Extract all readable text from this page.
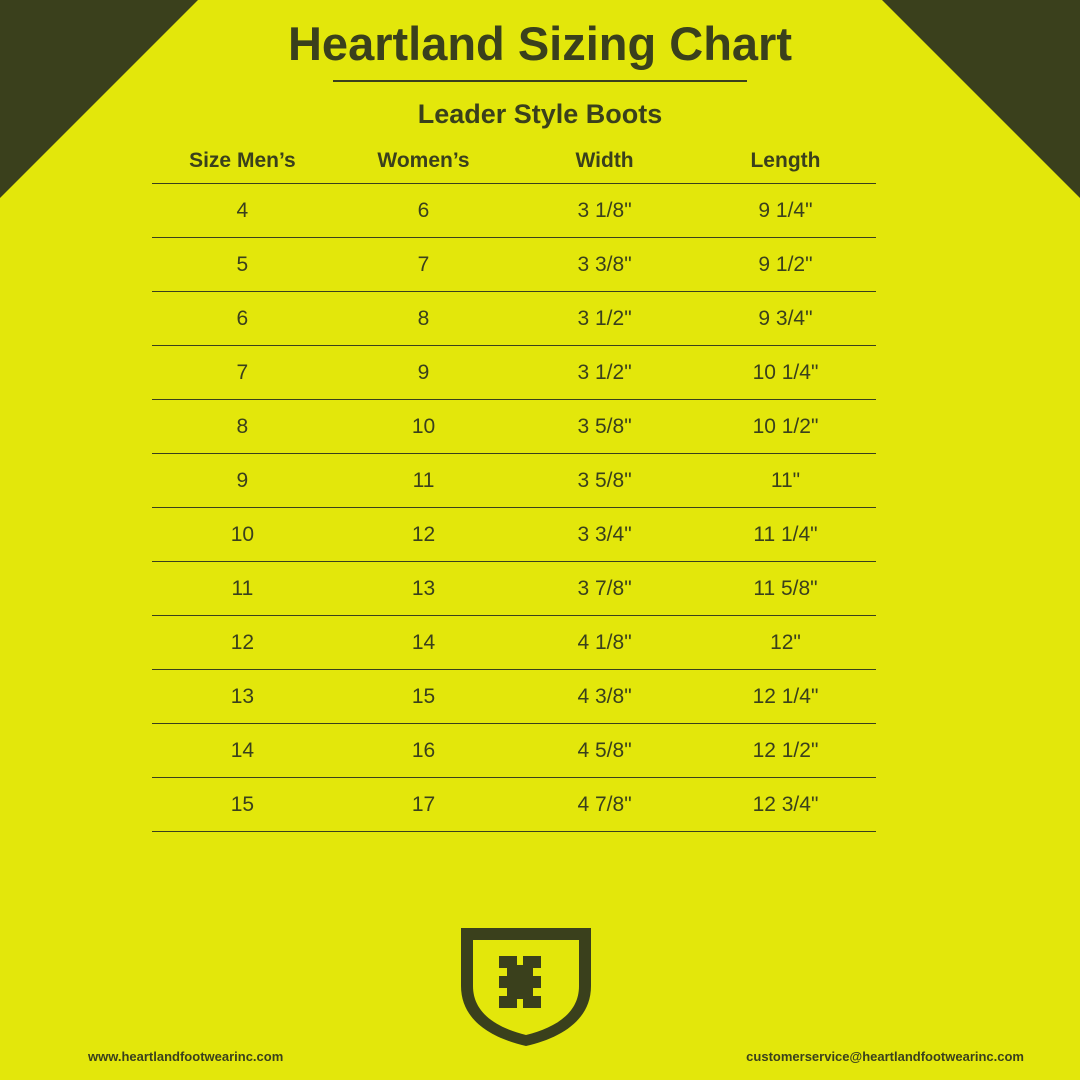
Heartland Sizing Chart
Leader Style Boots
Size Men’s	Women’s	Width	Length
4	6	3 1/8"	9 1/4"
5	7	3 3/8"	9 1/2"
6	8	3 1/2"	9 3/4"
7	9	3 1/2"	10 1/4"
8	10	3 5/8"	10 1/2"
9	11	3 5/8"	11"
10	12	3 3/4"	11 1/4"
11	13	3 7/8"	11 5/8"
12	14	4 1/8"	12"
13	15	4 3/8"	12 1/4"
14	16	4 5/8"	12 1/2"
15	17	4 7/8"	12 3/4"
www.heartlandfootwearinc.com	customerservice@heartlandfootwearinc.com
